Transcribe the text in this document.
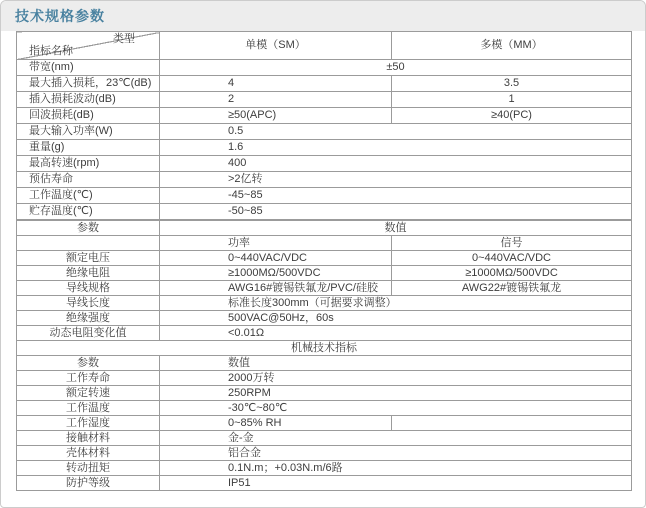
技术规格参数
类型
指标名称	单模（SM）	多模（MM）
带宽(nm)	±50	
最大插入损耗，23℃(dB)	4	3.5
插入损耗波动(dB)	2	1
回波损耗(dB)	≥50(APC)	≥40(PC)
最大输入功率(W)	0.5	
重量(g)	1.6	
最高转速(rpm)	400	
预估寿命	>2亿转	
工作温度(℃)	-45~85	
贮存温度(℃)	-50~85	
参数	数值	
	功率	信号
额定电压	0~440VAC/VDC	0~440VAC/VDC
绝缘电阻	≥1000MΩ/500VDC	≥1000MΩ/500VDC
导线规格	AWG16#镀锡铁氟龙/PVC/硅胶	AWG22#镀锡铁氟龙
导线长度	标准长度300mm（可据要求调整）	
绝缘强度	500VAC@50Hz，60s	
动态电阻变化值	<0.01Ω	
机械技术指标		
参数	数值	
工作寿命	2000万转	
额定转速	250RPM	
工作温度	-30℃~80℃	
工作湿度	0~85% RH	
接触材料	金-金	
壳体材料	铝合金	
转动扭矩	0.1N.m；+0.03N.m/6路	
防护等级	IP51	
